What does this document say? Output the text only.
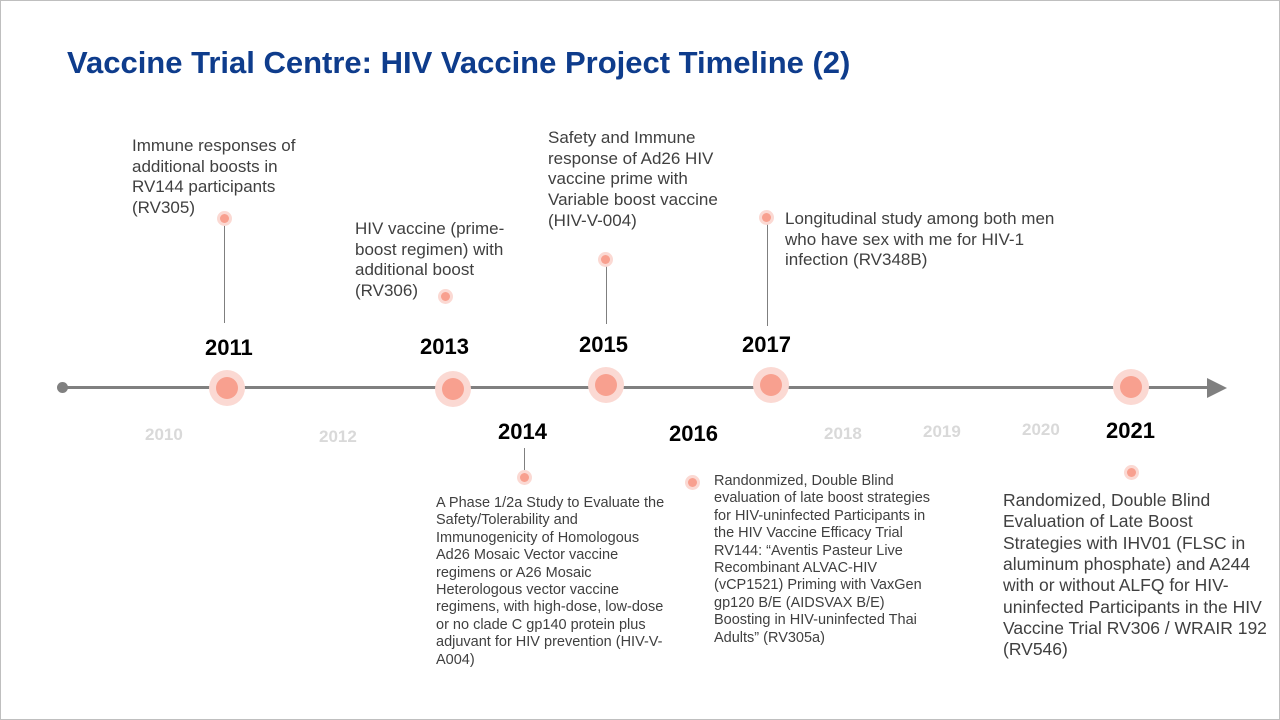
Vaccine Trial Centre: HIV Vaccine Project Timeline (2)
2010	2012	2018	2019	2020
2011
Immune responses of additional boosts in RV144 participants (RV305)
2013
HIV vaccine (prime-boost regimen) with additional boost (RV306)
2015
Safety and Immune response of Ad26 HIV vaccine prime with Variable boost vaccine (HIV-V-004)
2017
Longitudinal study among both men who have sex with me for HIV-1 infection (RV348B)
2014
A Phase 1/2a Study to Evaluate the Safety/Tolerability and Immunogenicity of Homologous Ad26 Mosaic Vector vaccine regimens or A26 Mosaic Heterologous vector vaccine regimens, with high-dose, low-dose or no clade C gp140 protein plus adjuvant for HIV prevention (HIV-V-A004)
2016
Randonmized, Double Blind evaluation of late boost strategies for HIV-uninfected Participants in the HIV Vaccine Efficacy Trial RV144: “Aventis Pasteur Live Recombinant ALVAC-HIV (vCP1521) Priming with VaxGen gp120 B/E (AIDSVAX B/E) Boosting in HIV-uninfected Thai Adults” (RV305a)
2021
Randomized, Double Blind Evaluation of Late Boost Strategies with IHV01 (FLSC in aluminum phosphate) and A244 with or without ALFQ for HIV-uninfected Participants in the HIV Vaccine Trial RV306 / WRAIR 192 (RV546)
